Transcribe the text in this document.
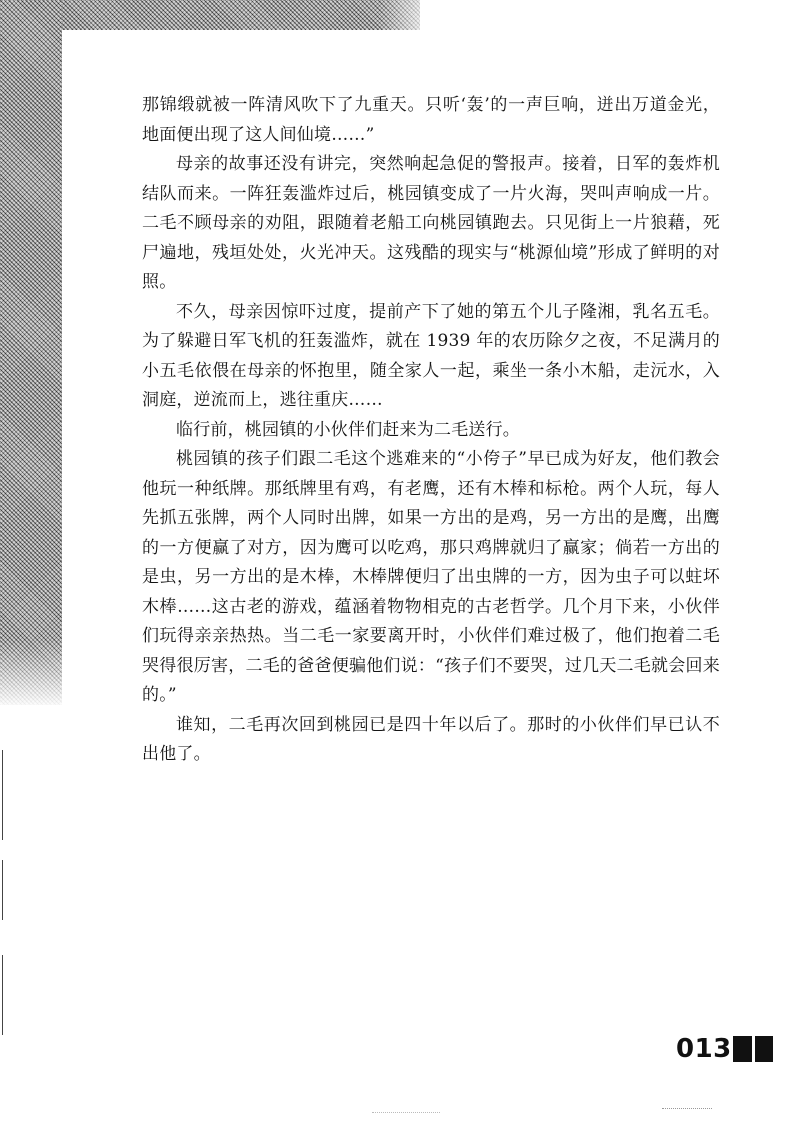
那锦缎就被一阵清风吹下了九重天。只听‘轰’的一声巨响，迸出万道金光，地面便出现了这人间仙境……”

母亲的故事还没有讲完，突然响起急促的警报声。接着，日军的轰炸机结队而来。一阵狂轰滥炸过后，桃园镇变成了一片火海，哭叫声响成一片。二毛不顾母亲的劝阻，跟随着老船工向桃园镇跑去。只见街上一片狼藉，死尸遍地，残垣处处，火光冲天。这残酷的现实与“桃源仙境”形成了鲜明的对照。

不久，母亲因惊吓过度，提前产下了她的第五个儿子隆湘，乳名五毛。为了躲避日军飞机的狂轰滥炸，就在 1939 年的农历除夕之夜，不足满月的小五毛依偎在母亲的怀抱里，随全家人一起，乘坐一条小木船，走沅水，入洞庭，逆流而上，逃往重庆……

临行前，桃园镇的小伙伴们赶来为二毛送行。

桃园镇的孩子们跟二毛这个逃难来的“小侉子”早已成为好友，他们教会他玩一种纸牌。那纸牌里有鸡，有老鹰，还有木棒和标枪。两个人玩，每人先抓五张牌，两个人同时出牌，如果一方出的是鸡，另一方出的是鹰，出鹰的一方便赢了对方，因为鹰可以吃鸡，那只鸡牌就归了赢家；倘若一方出的是虫，另一方出的是木棒，木棒牌便归了出虫牌的一方，因为虫子可以蛀坏木棒……这古老的游戏，蕴涵着物物相克的古老哲学。几个月下来，小伙伴们玩得亲亲热热。当二毛一家要离开时，小伙伴们难过极了，他们抱着二毛哭得很厉害，二毛的爸爸便骗他们说：“孩子们不要哭，过几天二毛就会回来的。”

谁知，二毛再次回到桃园已是四十年以后了。那时的小伙伴们早已认不出他了。

013
